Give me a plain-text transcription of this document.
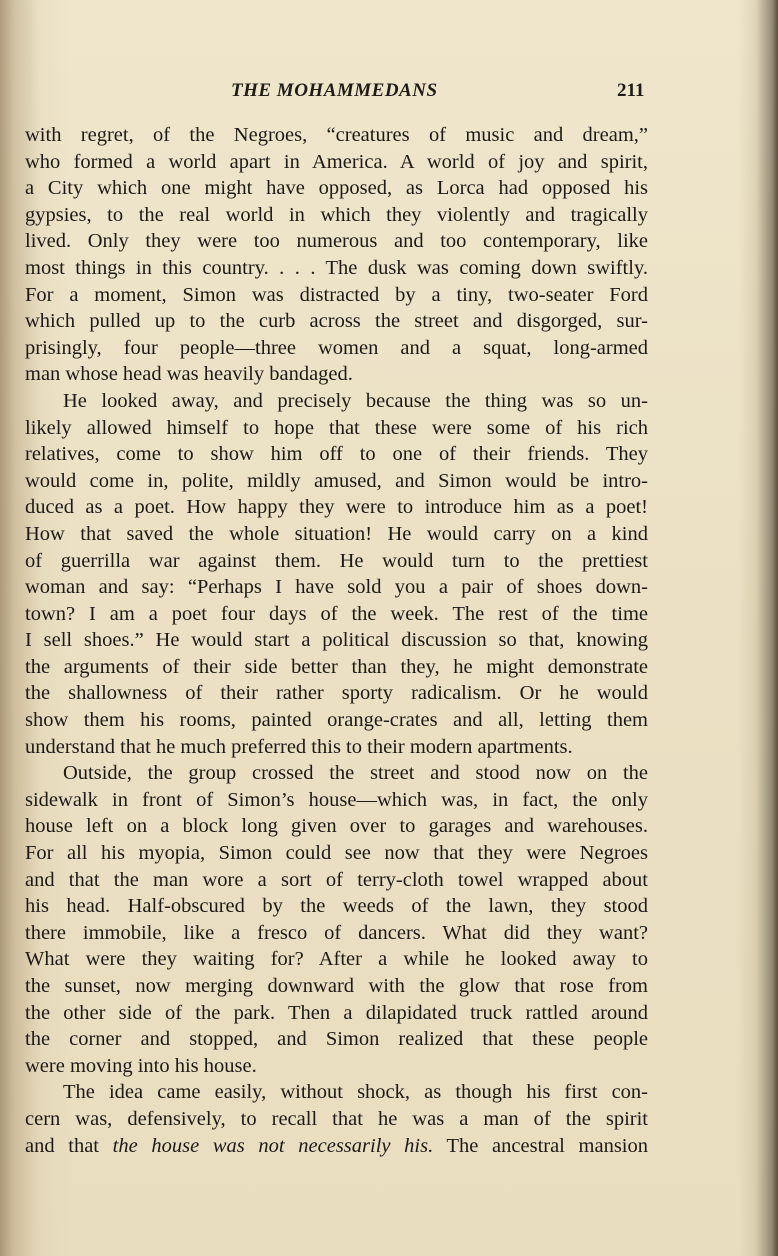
THE MOHAMMEDANS	211
with regret, of the Negroes, “creatures of music and dream,”
who formed a world apart in America. A world of joy and spirit,
a City which one might have opposed, as Lorca had opposed his
gypsies, to the real world in which they violently and tragically
lived. Only they were too numerous and too contemporary, like
most things in this country. . . . The dusk was coming down swiftly.
For a moment, Simon was distracted by a tiny, two-seater Ford
which pulled up to the curb across the street and disgorged, sur-
prisingly, four people—three women and a squat, long-armed
man whose head was heavily bandaged.
He looked away, and precisely because the thing was so un-
likely allowed himself to hope that these were some of his rich
relatives, come to show him off to one of their friends. They
would come in, polite, mildly amused, and Simon would be intro-
duced as a poet. How happy they were to introduce him as a poet!
How that saved the whole situation! He would carry on a kind
of guerrilla war against them. He would turn to the prettiest
woman and say: “Perhaps I have sold you a pair of shoes down-
town? I am a poet four days of the week. The rest of the time
I sell shoes.” He would start a political discussion so that, knowing
the arguments of their side better than they, he might demonstrate
the shallowness of their rather sporty radicalism. Or he would
show them his rooms, painted orange-crates and all, letting them
understand that he much preferred this to their modern apartments.
Outside, the group crossed the street and stood now on the
sidewalk in front of Simon’s house—which was, in fact, the only
house left on a block long given over to garages and warehouses.
For all his myopia, Simon could see now that they were Negroes
and that the man wore a sort of terry-cloth towel wrapped about
his head. Half-obscured by the weeds of the lawn, they stood
there immobile, like a fresco of dancers. What did they want?
What were they waiting for? After a while he looked away to
the sunset, now merging downward with the glow that rose from
the other side of the park. Then a dilapidated truck rattled around
the corner and stopped, and Simon realized that these people
were moving into his house.
The idea came easily, without shock, as though his first con-
cern was, defensively, to recall that he was a man of the spirit
and that the house was not necessarily his. The ancestral mansion
